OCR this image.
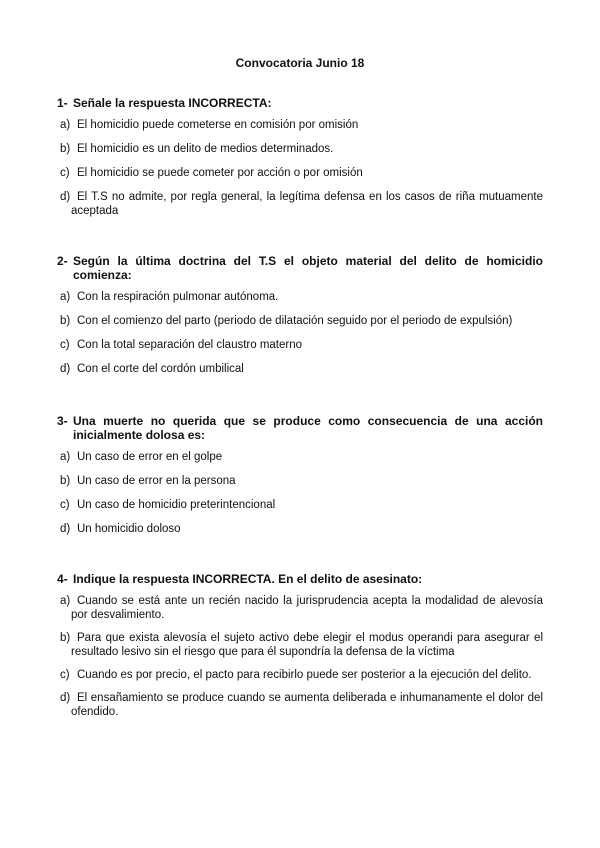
Convocatoria Junio 18
1- Señale la respuesta INCORRECTA:
a) El homicidio puede cometerse en comisión por omisión
b) El homicidio es un delito de medios determinados.
c) El homicidio se puede cometer por acción o por omisión
d) El T.S no admite, por regla general, la legítima defensa en los casos de riña mutuamente aceptada
2- Según la última doctrina del T.S el objeto material del delito de homicidio comienza:
a) Con la respiración pulmonar autónoma.
b) Con el comienzo del parto (periodo de dilatación seguido por el periodo de expulsión)
c) Con la total separación del claustro materno
d) Con el corte del cordón umbilical
3- Una muerte no querida que se produce como consecuencia de una acción inicialmente dolosa es:
a) Un caso de error en el golpe
b) Un caso de error en la persona
c) Un caso de homicidio preterintencional
d) Un homicidio doloso
4- Indique la respuesta INCORRECTA. En el delito de asesinato:
a) Cuando se está ante un recién nacido la jurisprudencia acepta la modalidad de alevosía por desvalimiento.
b) Para que exista alevosía el sujeto activo debe elegir el modus operandi para asegurar el resultado lesivo sin el riesgo que para él supondría la defensa de la víctima
c) Cuando es por precio, el pacto para recibirlo puede ser posterior a la ejecución del delito.
d) El ensañamiento se produce cuando se aumenta deliberada e inhumanamente el dolor del ofendido.
